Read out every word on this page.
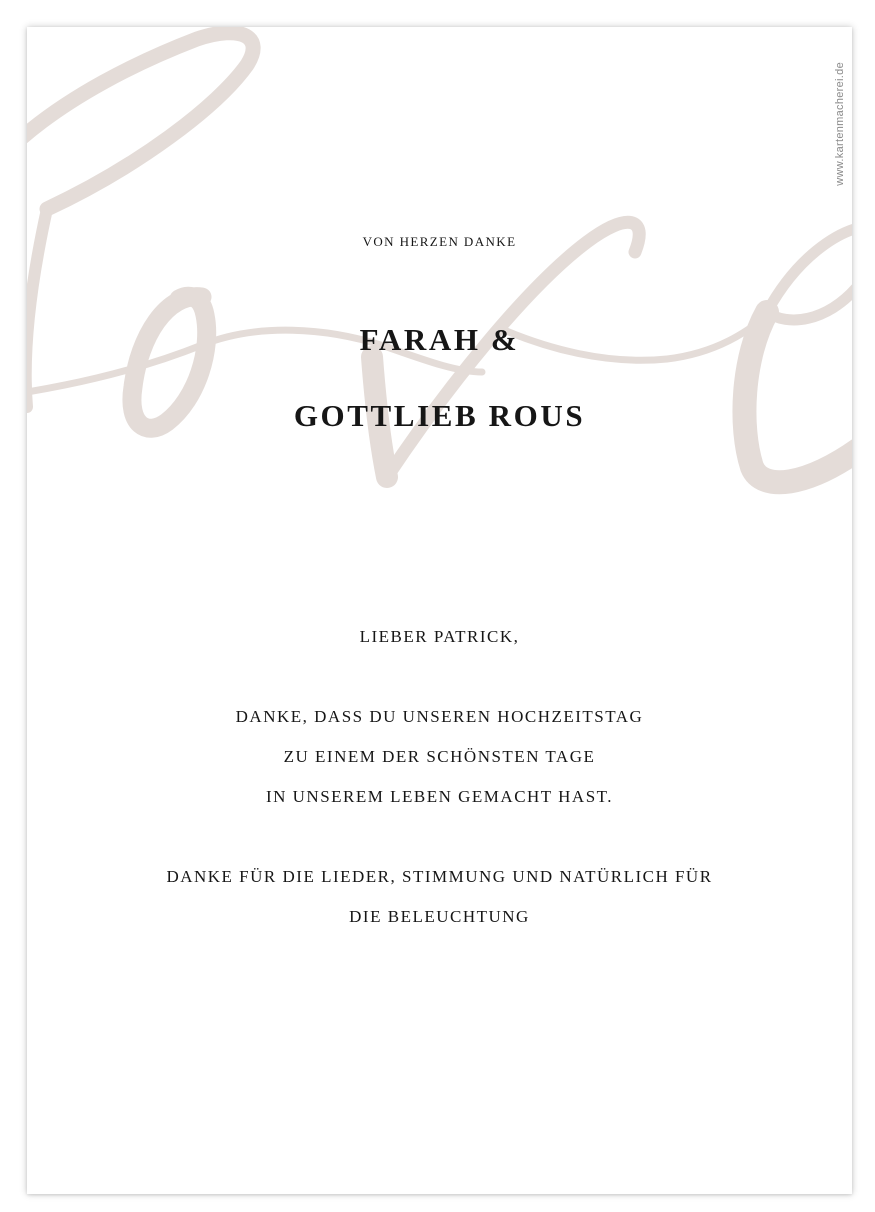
www.kartenmacherei.de
VON HERZEN DANKE
FARAH &
GOTTLIEB ROUS
LIEBER PATRICK,
DANKE, DASS DU UNSEREN HOCHZEITSTAG
ZU EINEM DER SCHÖNSTEN TAGE
IN UNSEREM LEBEN GEMACHT HAST.
DANKE FÜR DIE LIEDER, STIMMUNG UND NATÜRLICH FÜR
DIE BELEUCHTUNG
